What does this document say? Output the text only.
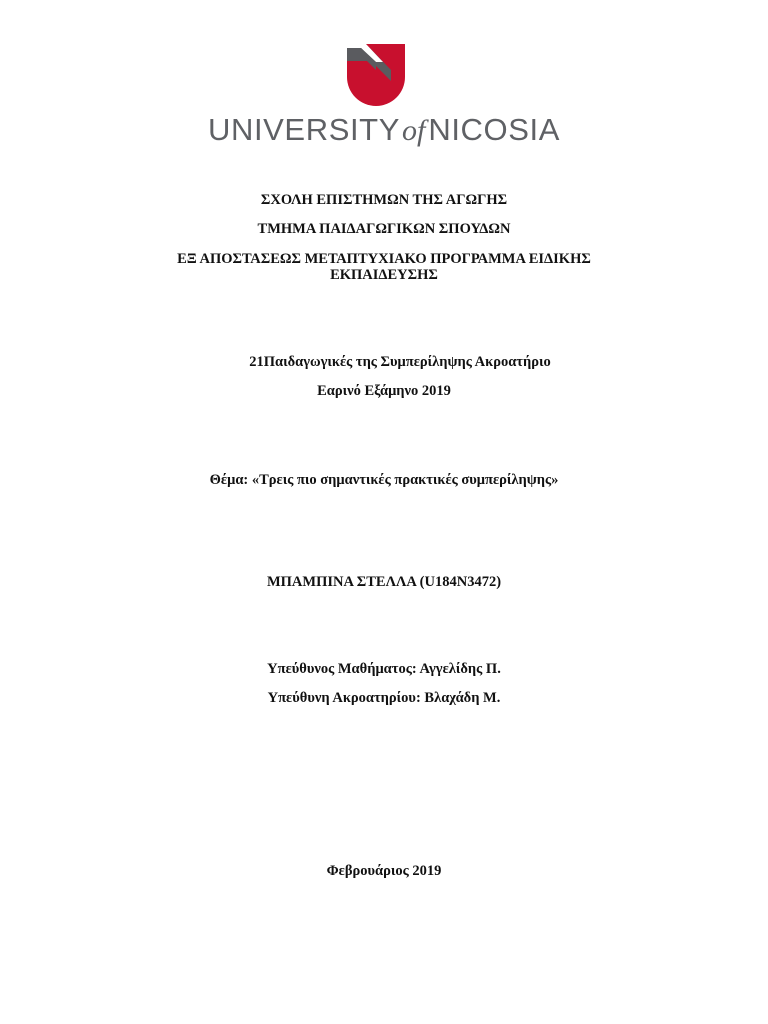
UNIVERSITYofNICOSIA
ΣΧΟΛΗ ΕΠΙΣΤΗΜΩΝ ΤΗΣ ΑΓΩΓΗΣ
ΤΜΗΜΑ ΠΑΙΔΑΓΩΓΙΚΩΝ ΣΠΟΥΔΩΝ
ΕΞ ΑΠΟΣΤΑΣΕΩΣ ΜΕΤΑΠΤΥΧΙΑΚΟ ΠΡΟΓΡΑΜΜΑ ΕΙΔΙΚΗΣ
ΕΚΠΑΙΔΕΥΣΗΣ
21Παιδαγωγικές της Συμπερίληψης Ακροατήριο
Εαρινό Εξάμηνο 2019
Θέμα: «Τρεις πιο σημαντικές πρακτικές συμπερίληψης»
ΜΠΑΜΠΙΝΑ ΣΤΕΛΛΑ (U184N3472)
Υπεύθυνος Μαθήματος: Αγγελίδης Π.
Υπεύθυνη Ακροατηρίου: Βλαχάδη Μ.
Φεβρουάριος 2019
